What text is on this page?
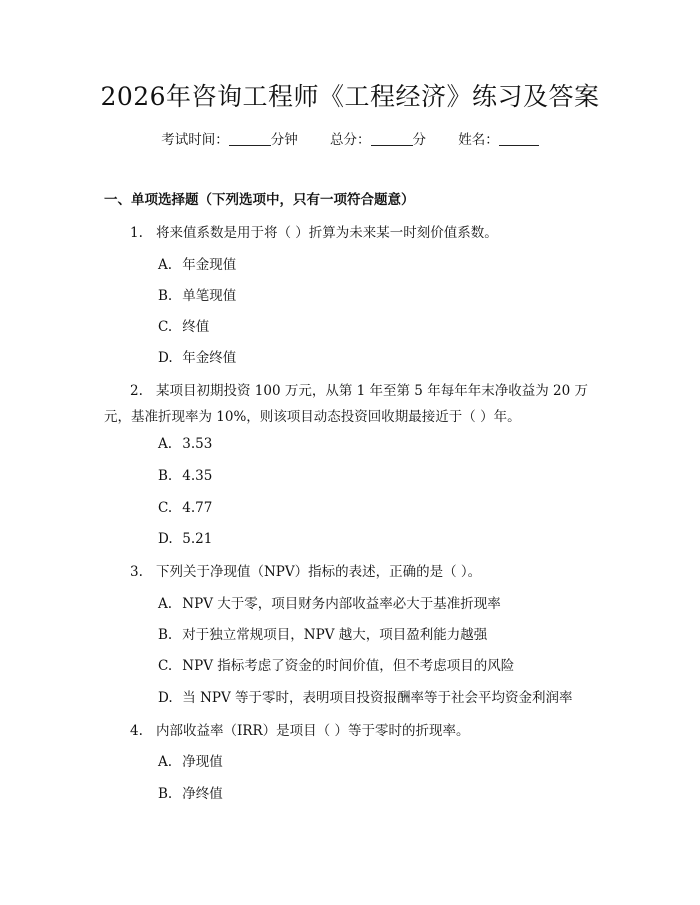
2026年咨询工程师《工程经济》练习及答案
考试时间：	分钟 总分：	分 姓名：
一、单项选择题（下列选项中，只有一项符合题意）
1. 将来值系数是用于将（ ）折算为未来某一时刻价值系数。
A. 年金现值
B. 单笔现值
C. 终值
D. 年金终值
2. 某项目初期投资 100 万元，从第 1 年至第 5 年每年年末净收益为 20 万
元，基准折现率为 10%，则该项目动态投资回收期最接近于（ ）年。
A. 3.53
B. 4.35
C. 4.77
D. 5.21
3. 下列关于净现值（NPV）指标的表述，正确的是（ ）。
A. NPV 大于零，项目财务内部收益率必大于基准折现率
B. 对于独立常规项目，NPV 越大，项目盈利能力越强
C. NPV 指标考虑了资金的时间价值，但不考虑项目的风险
D. 当 NPV 等于零时，表明项目投资报酬率等于社会平均资金利润率
4. 内部收益率（IRR）是项目（ ）等于零时的折现率。
A. 净现值
B. 净终值
